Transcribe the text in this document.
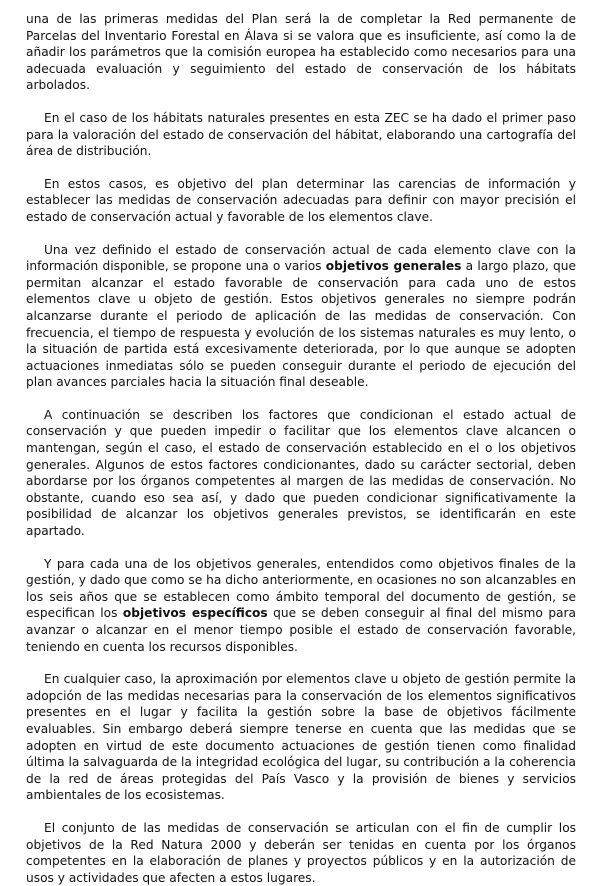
una de las primeras medidas del Plan será la de completar la Red permanente de Parcelas del Inventario Forestal en Álava si se valora que es insuficiente, así como la de añadir los parámetros que la comisión europea ha establecido como necesarios para una adecuada evaluación y seguimiento del estado de conservación de los hábitats arbolados.

En el caso de los hábitats naturales presentes en esta ZEC se ha dado el primer paso para la valoración del estado de conservación del hábitat, elaborando una cartografía del área de distribución.

En estos casos, es objetivo del plan determinar las carencias de información y establecer las medidas de conservación adecuadas para definir con mayor precisión el estado de conservación actual y favorable de los elementos clave.

Una vez definido el estado de conservación actual de cada elemento clave con la información disponible, se propone una o varios objetivos generales a largo plazo, que permitan alcanzar el estado favorable de conservación para cada uno de estos elementos clave u objeto de gestión. Estos objetivos generales no siempre podrán alcanzarse durante el periodo de aplicación de las medidas de conservación. Con frecuencia, el tiempo de respuesta y evolución de los sistemas naturales es muy lento, o la situación de partida está excesivamente deteriorada, por lo que aunque se adopten actuaciones inmediatas sólo se pueden conseguir durante el periodo de ejecución del plan avances parciales hacia la situación final deseable.

A continuación se describen los factores que condicionan el estado actual de conservación y que pueden impedir o facilitar que los elementos clave alcancen o mantengan, según el caso, el estado de conservación establecido en el o los objetivos generales. Algunos de estos factores condicionantes, dado su carácter sectorial, deben abordarse por los órganos competentes al margen de las medidas de conservación. No obstante, cuando eso sea así, y dado que pueden condicionar significativamente la posibilidad de alcanzar los objetivos generales previstos, se identificarán en este apartado.

Y para cada una de los objetivos generales, entendidos como objetivos finales de la gestión, y dado que como se ha dicho anteriormente, en ocasiones no son alcanzables en los seis años que se establecen como ámbito temporal del documento de gestión, se especifican los objetivos específicos que se deben conseguir al final del mismo para avanzar o alcanzar en el menor tiempo posible el estado de conservación favorable, teniendo en cuenta los recursos disponibles.

En cualquier caso, la aproximación por elementos clave u objeto de gestión permite la adopción de las medidas necesarias para la conservación de los elementos significativos presentes en el lugar y facilita la gestión sobre la base de objetivos fácilmente evaluables. Sin embargo deberá siempre tenerse en cuenta que las medidas que se adopten en virtud de este documento actuaciones de gestión tienen como finalidad última la salvaguarda de la integridad ecológica del lugar, su contribución a la coherencia de la red de áreas protegidas del País Vasco y la provisión de bienes y servicios ambientales de los ecosistemas.

El conjunto de las medidas de conservación se articulan con el fin de cumplir los objetivos de la Red Natura 2000 y deberán ser tenidas en cuenta por los órganos competentes en la elaboración de planes y proyectos públicos y en la autorización de usos y actividades que afecten a estos lugares.
